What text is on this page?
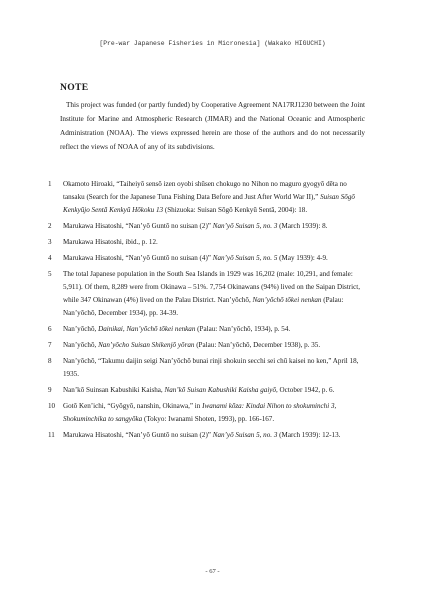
[Pre-war Japanese Fisheries in Micronesia] (Wakako HIGUCHI)
NOTE

This project was funded (or partly funded) by Cooperative Agreement NA17RJ1230 between the Joint Institute for Marine and Atmospheric Research (JIMAR) and the National Oceanic and Atmospheric Administration (NOAA). The views expressed herein are those of the authors and do not necessarily reflect the views of NOAA of any of its subdivisions.

1	Okamoto Hiroaki, “Taiheiyō sensō izen oyobi shūsen chokugo no Nihon no maguro gyogyō dēta no tansaku (Search for the Japanese Tuna Fishing Data Before and Just After World War II),” Suisan Sōgō Kenkyūjo Sentā Kenkyū Hōkoku 13 (Shizuoka: Suisan Sōgō Kenkyū Sentā, 2004): 18.
2	Marukawa Hisatoshi, “Nan’yō Guntō no suisan (2)” Nan’yō Suisan 5, no. 3 (March 1939): 8.
3	Marukawa Hisatoshi, ibid., p. 12.
4	Marukawa Hisatoshi, “Nan’yō Guntō no suisan (4)” Nan’yō Suisan 5, no. 5 (May 1939): 4-9.
5	The total Japanese population in the South Sea Islands in 1929 was 16,202 (male: 10,291, and female: 5,911). Of them, 8,289 were from Okinawa – 51%. 7,754 Okinawans (94%) lived on the Saipan District, while 347 Okinawan (4%) lived on the Palau District. Nan’yōchō, Nan’yōchō tōkei nenkan (Palau: Nan’yōchō, December 1934), pp. 34-39.
6	Nan’yōchō, Dainikai, Nan’yōchō tōkei nenkan (Palau: Nan’yōchō, 1934), p. 54.
7	Nan’yōchō, Nan’yōcho Suisan Shikenjō yōran (Palau: Nan’yōchō, December 1938), p. 35.
8	Nan’yōchō, “Takumu daijin seigi Nan’yōchō bunai rinji shokuin secchi sei chū kaisei no ken,” April 18, 1935.
9	Nan’kō Suinsan Kabushiki Kaisha, Nan’kō Suisan Kabushiki Kaisha gaiyō, October 1942, p. 6.
10	Gotō Ken’ichi, “Gyōgyō, nanshin, Okinawa,” in Iwanami kōza: Kindai Nihon to shokuminchi 3, Shokuminchika to sangyōka (Tokyo: Iwanami Shoten, 1993), pp. 166-167.
11	Marukawa Hisatoshi, “Nan’yō Guntō no suisan (2)” Nan’yō Suisan 5, no. 3 (March 1939): 12-13.
- 67 -
